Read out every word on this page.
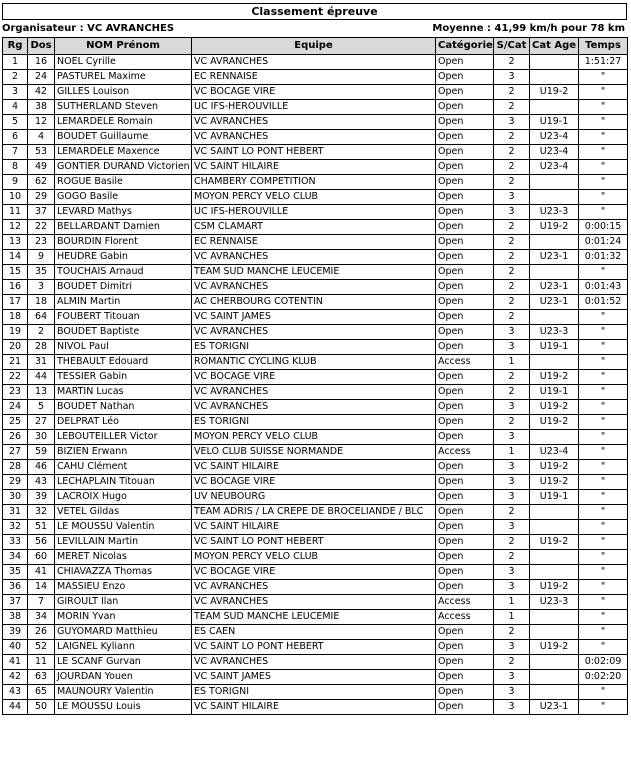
Classement épreuve
Organisateur : VC AVRANCHES	Moyenne : 41,99 km/h pour 78 km
Rg	Dos	NOM Prénom	Equipe	Catégorie	S/Cat	Cat Age	Temps
1	16	NOEL Cyrille	VC AVRANCHES	Open	2		1:51:27
2	24	PASTUREL Maxime	EC RENNAISE	Open	3		"
3	42	GILLES Louison	VC BOCAGE VIRE	Open	2	U19-2	"
4	38	SUTHERLAND Steven	UC IFS-HEROUVILLE	Open	2		"
5	12	LEMARDELE Romain	VC AVRANCHES	Open	3	U19-1	"
6	4	BOUDET Guillaume	VC AVRANCHES	Open	2	U23-4	"
7	53	LEMARDELE Maxence	VC SAINT LO PONT HEBERT	Open	2	U23-4	"
8	49	GONTIER DURAND Victorien	VC SAINT HILAIRE	Open	2	U23-4	"
9	62	ROGUE Basile	CHAMBERY COMPETITION	Open	2		"
10	29	GOGO Basile	MOYON PERCY VELO CLUB	Open	3		"
11	37	LEVARD Mathys	UC IFS-HEROUVILLE	Open	3	U23-3	"
12	22	BELLARDANT Damien	CSM CLAMART	Open	2	U19-2	0:00:15
13	23	BOURDIN Florent	EC RENNAISE	Open	2		0:01:24
14	9	HEUDRE Gabin	VC AVRANCHES	Open	2	U23-1	0:01:32
15	35	TOUCHAIS Arnaud	TEAM SUD MANCHE LEUCEMIE	Open	2		"
16	3	BOUDET Dimitri	VC AVRANCHES	Open	2	U23-1	0:01:43
17	18	ALMIN Martin	AC CHERBOURG COTENTIN	Open	2	U23-1	0:01:52
18	64	FOUBERT Titouan	VC SAINT JAMES	Open	2		"
19	2	BOUDET Baptiste	VC AVRANCHES	Open	3	U23-3	"
20	28	NIVOL Paul	ES TORIGNI	Open	3	U19-1	"
21	31	THEBAULT Edouard	ROMANTIC CYCLING KLUB	Access	1		"
22	44	TESSIER Gabin	VC BOCAGE VIRE	Open	2	U19-2	"
23	13	MARTIN Lucas	VC AVRANCHES	Open	2	U19-1	"
24	5	BOUDET Nathan	VC AVRANCHES	Open	3	U19-2	"
25	27	DELPRAT Léo	ES TORIGNI	Open	2	U19-2	"
26	30	LEBOUTEILLER Victor	MOYON PERCY VELO CLUB	Open	3		"
27	59	BIZIEN Erwann	VELO CLUB SUISSE NORMANDE	Access	1	U23-4	"
28	46	CAHU Clément	VC SAINT HILAIRE	Open	3	U19-2	"
29	43	LECHAPLAIN Titouan	VC BOCAGE VIRE	Open	3	U19-2	"
30	39	LACROIX Hugo	UV NEUBOURG	Open	3	U19-1	"
31	32	VETEL Gildas	TEAM ADRIS / LA CREPE DE BROCELIANDE / BLC	Open	2		"
32	51	LE MOUSSU Valentin	VC SAINT HILAIRE	Open	3		"
33	56	LEVILLAIN Martin	VC SAINT LO PONT HEBERT	Open	2	U19-2	"
34	60	MERET Nicolas	MOYON PERCY VELO CLUB	Open	2		"
35	41	CHIAVAZZA Thomas	VC BOCAGE VIRE	Open	3		"
36	14	MASSIEU Enzo	VC AVRANCHES	Open	3	U19-2	"
37	7	GIROULT Ilan	VC AVRANCHES	Access	1	U23-3	"
38	34	MORIN Yvan	TEAM SUD MANCHE LEUCEMIE	Access	1		"
39	26	GUYOMARD Matthieu	ES CAEN	Open	2		"
40	52	LAIGNEL Kyliann	VC SAINT LO PONT HEBERT	Open	3	U19-2	"
41	11	LE SCANF Gurvan	VC AVRANCHES	Open	2		0:02:09
42	63	JOURDAN Youen	VC SAINT JAMES	Open	3		0:02:20
43	65	MAUNOURY Valentin	ES TORIGNI	Open	3		"
44	50	LE MOUSSU Louis	VC SAINT HILAIRE	Open	3	U23-1	"
